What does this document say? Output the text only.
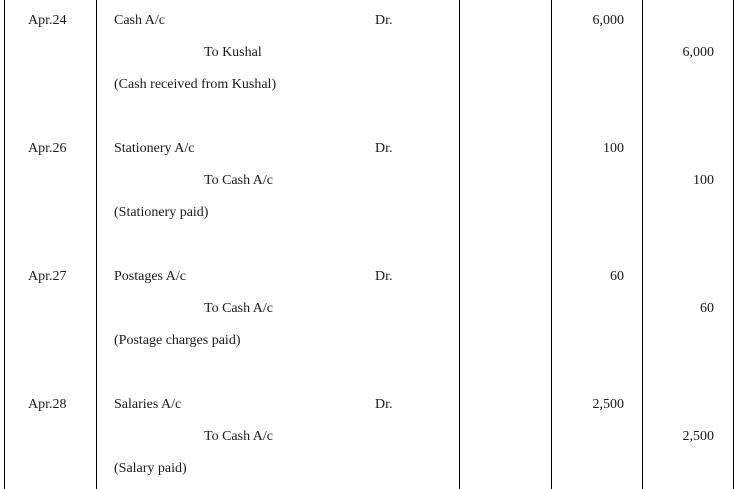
Apr.24	Cash A/c	Dr.	6,000
To Kushal	6,000
(Cash received from Kushal)
Apr.26	Stationery A/c	Dr.	100
To Cash A/c	100
(Stationery paid)
Apr.27	Postages A/c	Dr.	60
To Cash A/c	60
(Postage charges paid)
Apr.28	Salaries A/c	Dr.	2,500
To Cash A/c	2,500
(Salary paid)
